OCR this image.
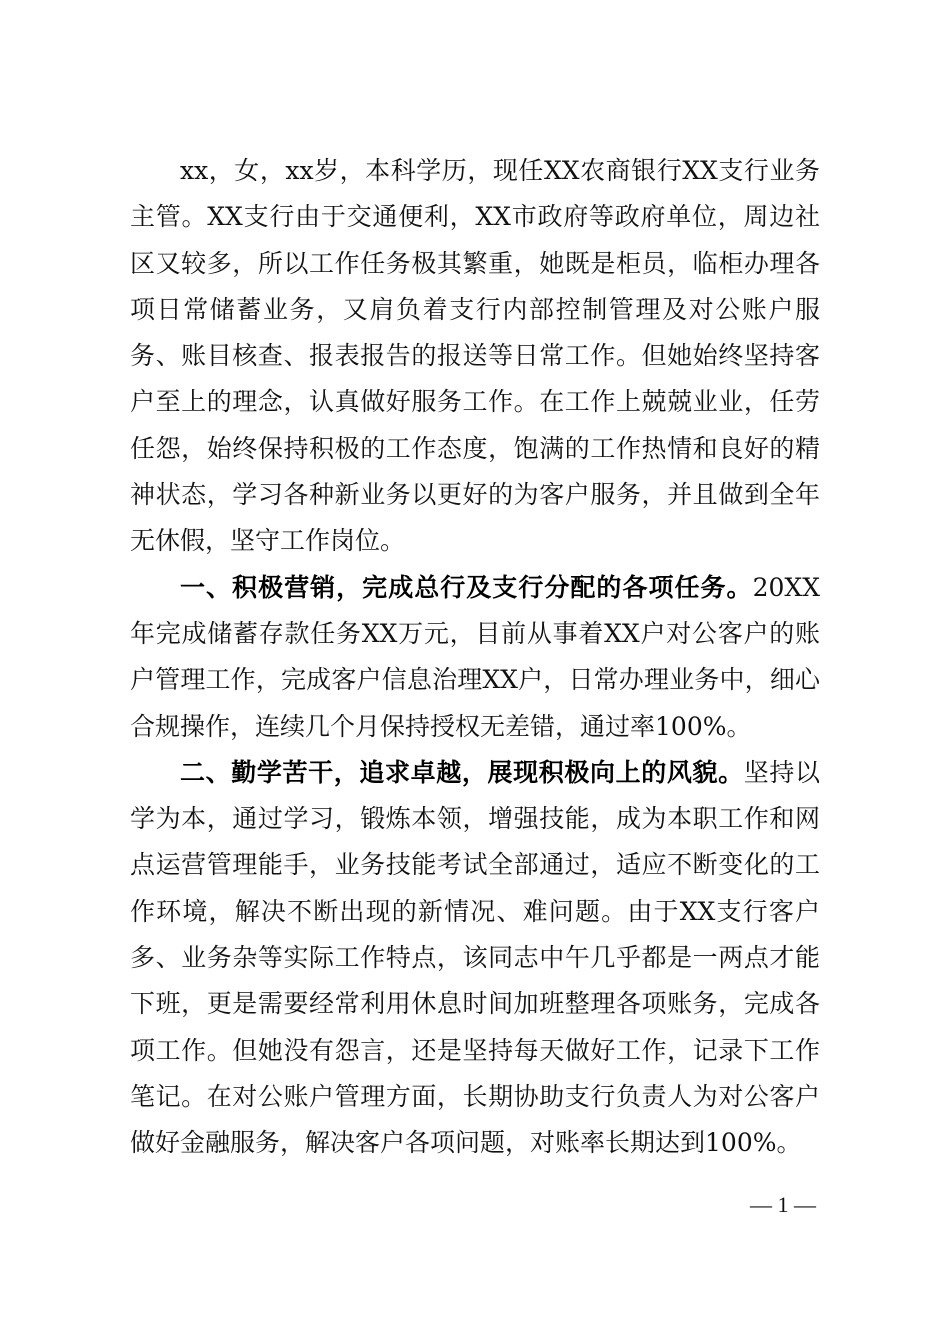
xx，女，xx岁，本科学历，现任XX农商银行XX支行业务主管。XX支行由于交通便利，XX市政府等政府单位，周边社区又较多，所以工作任务极其繁重，她既是柜员，临柜办理各项日常储蓄业务，又肩负着支行内部控制管理及对公账户服务、账目核查、报表报告的报送等日常工作。但她始终坚持客户至上的理念，认真做好服务工作。在工作上兢兢业业，任劳任怨，始终保持积极的工作态度，饱满的工作热情和良好的精神状态，学习各种新业务以更好的为客户服务，并且做到全年无休假，坚守工作岗位。

一、积极营销，完成总行及支行分配的各项任务。20XX年完成储蓄存款任务XX万元，目前从事着XX户对公客户的账户管理工作，完成客户信息治理XX户，日常办理业务中，细心合规操作，连续几个月保持授权无差错，通过率100%。

二、勤学苦干，追求卓越，展现积极向上的风貌。坚持以学为本，通过学习，锻炼本领，增强技能，成为本职工作和网点运营管理能手，业务技能考试全部通过，适应不断变化的工作环境，解决不断出现的新情况、难问题。由于XX支行客户多、业务杂等实际工作特点，该同志中午几乎都是一两点才能下班，更是需要经常利用休息时间加班整理各项账务，完成各项工作。但她没有怨言，还是坚持每天做好工作，记录下工作笔记。在对公账户管理方面，长期协助支行负责人为对公客户做好金融服务，解决客户各项问题，对账率长期达到100%。

— 1 —
